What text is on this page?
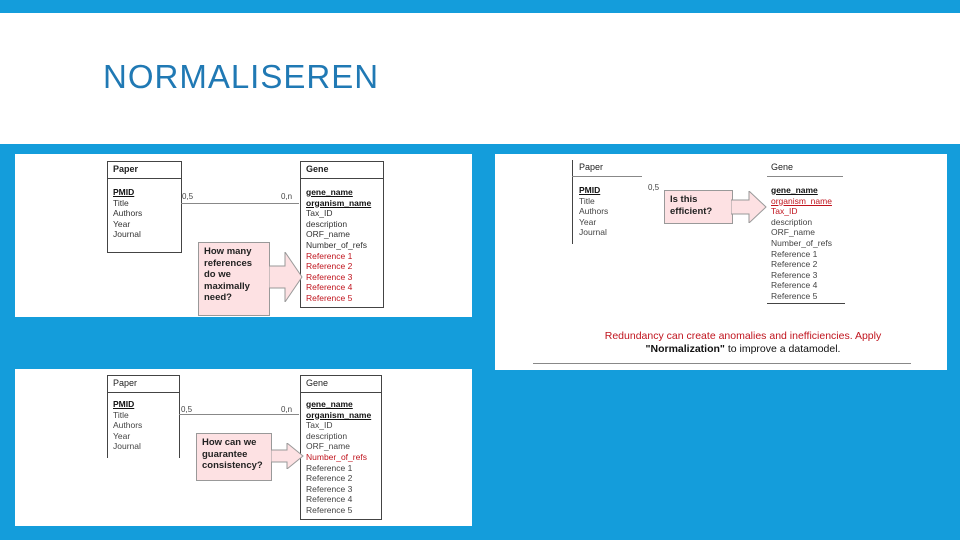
NORMALISEREN
Paper
PMID
Title
Authors
Year
Journal
0,5	0,n
Gene
gene_name
organism_name
Tax_ID
description
ORF_name
Number_of_refs
Reference 1
Reference 2
Reference 3
Reference 4
Reference 5
How many
references
do we
maximally
need?
Paper
PMID
Title
Authors
Year
Journal
0,5
Gene
gene_name
organism_name
Tax_ID
description
ORF_name
Number_of_refs
Reference 1
Reference 2
Reference 3
Reference 4
Reference 5
Is this
efficient?
Redundancy can create anomalies and inefficiencies. Apply
"Normalization" to improve a datamodel.
Paper
PMID
Title
Authors
Year
Journal
0,5	0,n
Gene
gene_name
organism_name
Tax_ID
description
ORF_name
Number_of_refs
Reference 1
Reference 2
Reference 3
Reference 4
Reference 5
How can we
guarantee
consistency?
